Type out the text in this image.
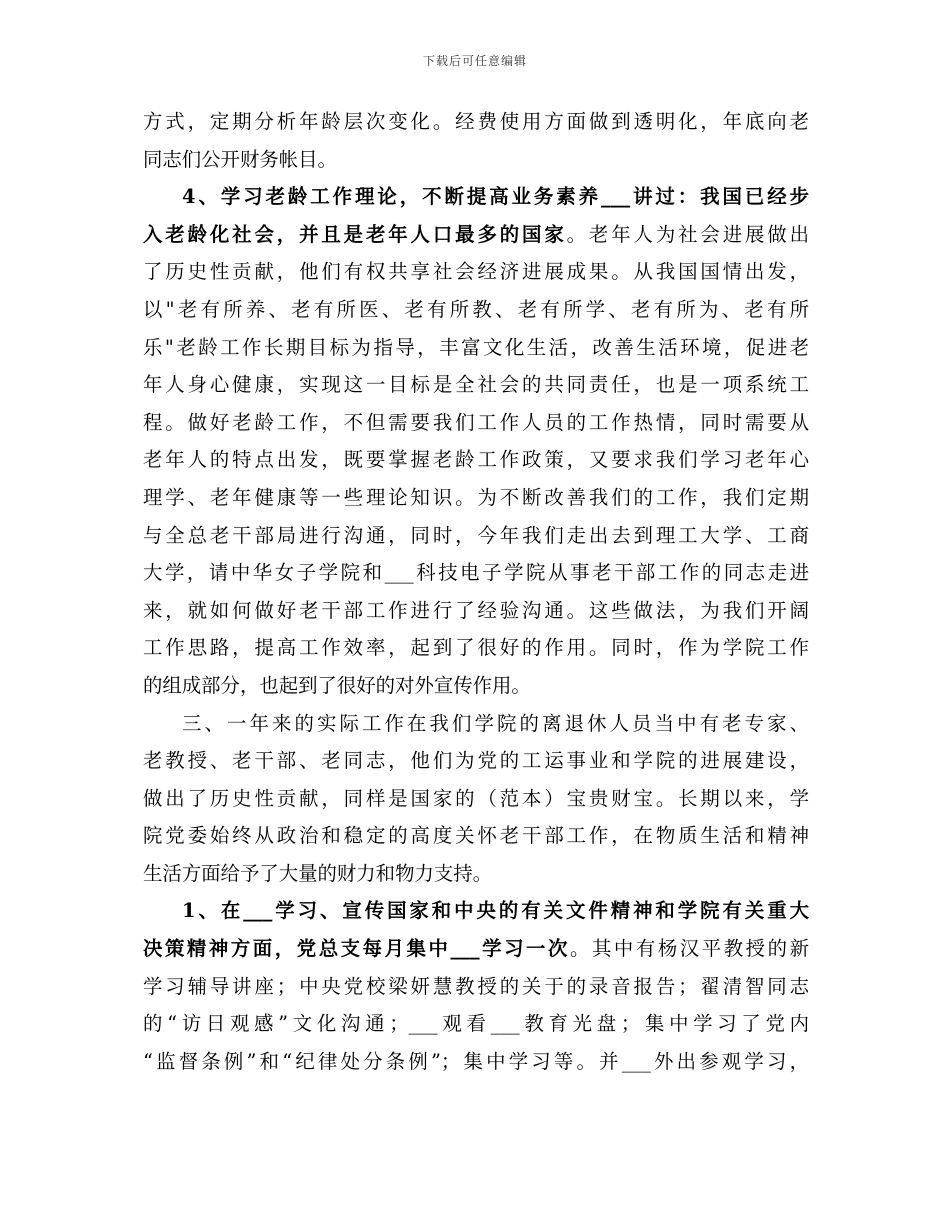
下载后可任意编辑
方式，定期分析年龄层次变化。经费使用方面做到透明化，年底向老
同志们公开财务帐目。
4、学习老龄工作理论，不断提高业务素养___讲过：我国已经步
入老龄化社会，并且是老年人口最多的国家。老年人为社会进展做出
了历史性贡献，他们有权共享社会经济进展成果。从我国国情出发，
以"老有所养、老有所医、老有所教、老有所学、老有所为、老有所
乐"老龄工作长期目标为指导，丰富文化生活，改善生活环境，促进老
年人身心健康，实现这一目标是全社会的共同责任，也是一项系统工
程。做好老龄工作，不但需要我们工作人员的工作热情，同时需要从
老年人的特点出发，既要掌握老龄工作政策，又要求我们学习老年心
理学、老年健康等一些理论知识。为不断改善我们的工作，我们定期
与全总老干部局进行沟通，同时，今年我们走出去到理工大学、工商
大学，请中华女子学院和___科技电子学院从事老干部工作的同志走进
来，就如何做好老干部工作进行了经验沟通。这些做法，为我们开阔
工作思路，提高工作效率，起到了很好的作用。同时，作为学院工作
的组成部分，也起到了很好的对外宣传作用。
三、一年来的实际工作在我们学院的离退休人员当中有老专家、
老教授、老干部、老同志，他们为党的工运事业和学院的进展建设，
做出了历史性贡献，同样是国家的（范本）宝贵财宝。长期以来，学
院党委始终从政治和稳定的高度关怀老干部工作，在物质生活和精神
生活方面给予了大量的财力和物力支持。
1、在___学习、宣传国家和中央的有关文件精神和学院有关重大
决策精神方面，党总支每月集中___学习一次。其中有杨汉平教授的新
学习辅导讲座；中央党校梁妍慧教授的关于的录音报告；翟清智同志
的“访日观感”文化沟通；___观看___教育光盘；集中学习了党内
“监督条例”和“纪律处分条例”；集中学习等。并___外出参观学习，
